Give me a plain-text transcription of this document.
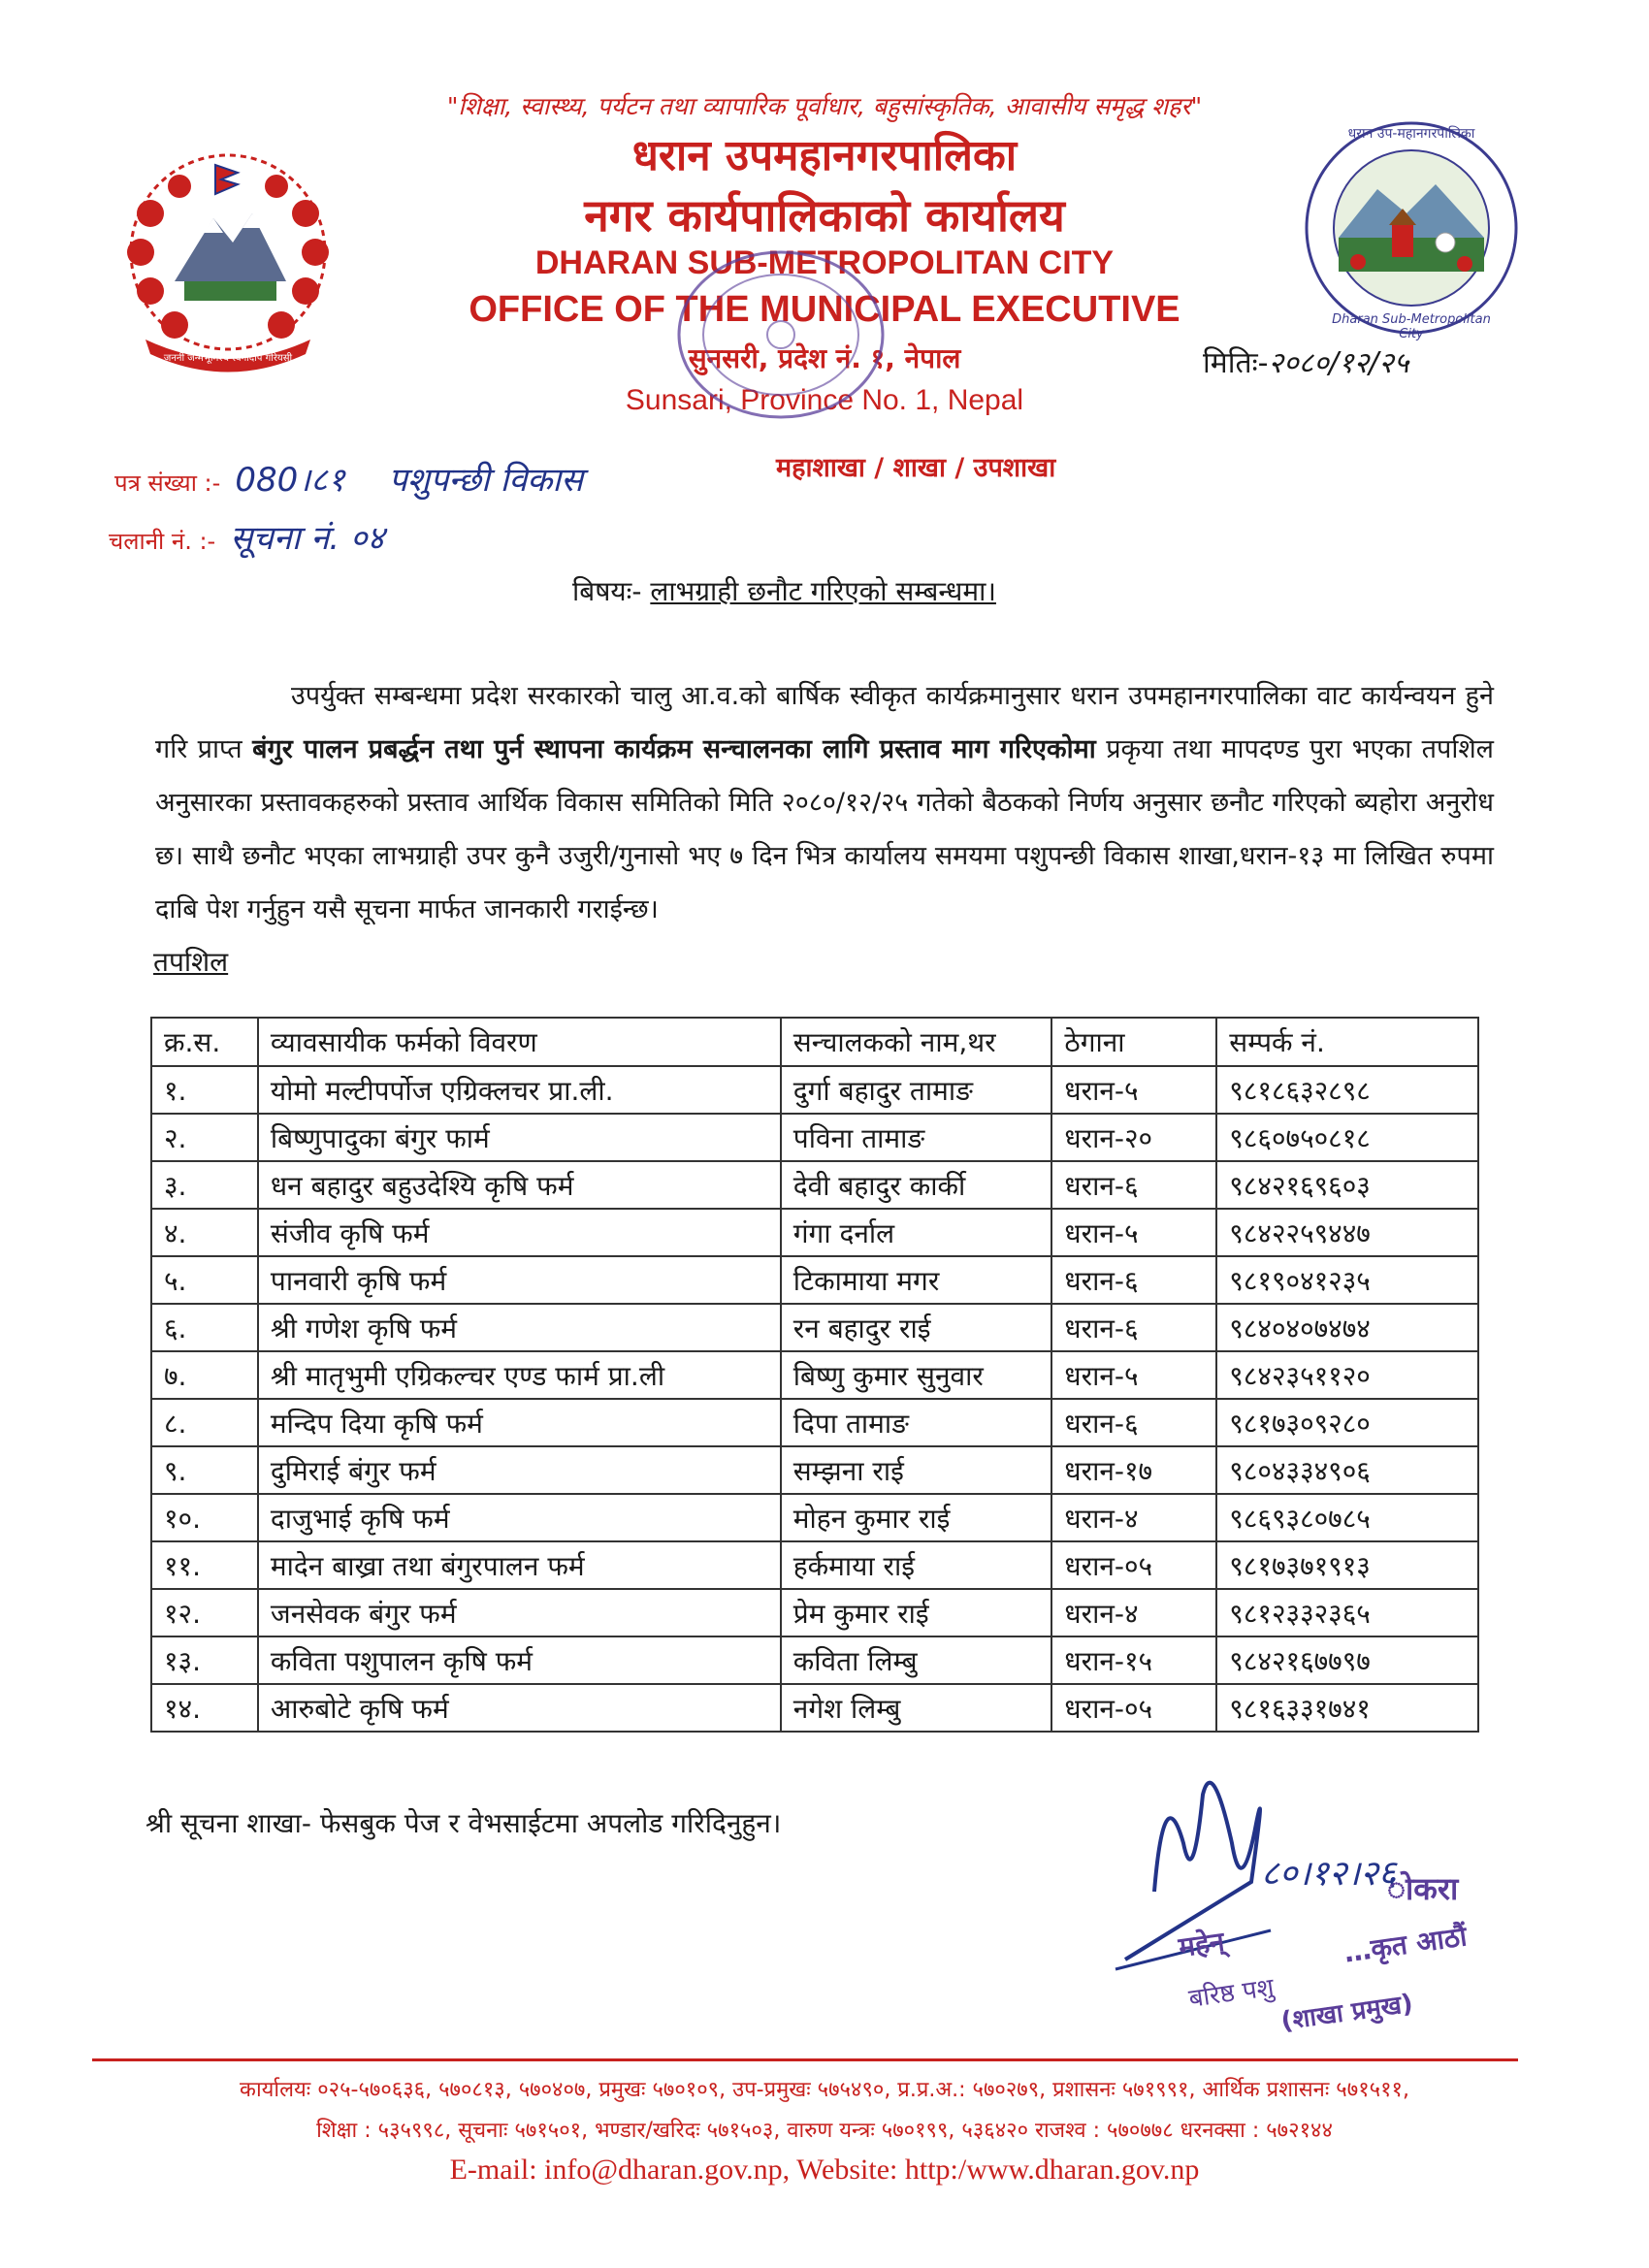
जननी जन्मभूमिश्च स्वर्गादपि गरियसी
धरान उप-महानगरपालिका
Dharan Sub-Metropolitan City
"शिक्षा, स्वास्थ्य, पर्यटन तथा व्यापारिक पूर्वाधार, बहुसांस्कृतिक, आवासीय समृद्ध शहर"
धरान उपमहानगरपालिका
नगर कार्यपालिकाको कार्यालय
DHARAN SUB-METROPOLITAN CITY
OFFICE OF THE MUNICIPAL EXECUTIVE
सुनसरी, प्रदेश नं. १, नेपाल
Sunsari, Province No. 1, Nepal
मितिः-२०८०/१२/२५
पत्र संख्या :- 080।८१ पशुपन्छी विकास	महाशाखा / शाखा / उपशाखा
चलानी नं. :- सूचना नं. ०४
बिषयः- लाभग्राही छनौट गरिएको सम्बन्धमा।
उपर्युक्त सम्बन्धमा प्रदेश सरकारको चालु आ.व.को बार्षिक स्वीकृत कार्यक्रमानुसार धरान उपमहानगरपालिका वाट कार्यन्वयन हुने गरि प्राप्त बंगुर पालन प्रबर्द्धन तथा पुर्न स्थापना कार्यक्रम सन्चालनका लागि प्रस्ताव माग गरिएकोमा प्रकृया तथा मापदण्ड पुरा भएका तपशिल अनुसारका प्रस्तावकहरुको प्रस्ताव आर्थिक विकास समितिको मिति २०८०/१२/२५ गतेको बैठकको निर्णय अनुसार छनौट गरिएको ब्यहोरा अनुरोध छ। साथै छनौट भएका लाभग्राही उपर कुनै उजुरी/गुनासो भए ७ दिन भित्र कार्यालय समयमा पशुपन्छी विकास शाखा,धरान-१३ मा लिखित रुपमा दाबि पेश गर्नुहुन यसै सूचना मार्फत जानकारी गराईन्छ।
तपशिल
क्र.स.	व्यावसायीक फर्मको विवरण	सन्चालकको नाम,थर	ठेगाना	सम्पर्क नं.
१.	योमो मल्टीपर्पोज एग्रिक्लचर प्रा.ली.	दुर्गा बहादुर तामाङ	धरान-५	९८१८६३२८९८
२.	बिष्णुपादुका बंगुर फार्म	पविना तामाङ	धरान-२०	९८६०७५०८१८
३.	धन बहादुर बहुउदेश्यि कृषि फर्म	देवी बहादुर कार्की	धरान-६	९८४२१६९६०३
४.	संजीव कृषि फर्म	गंगा दर्नाल	धरान-५	९८४२२५९४४७
५.	पानवारी कृषि फर्म	टिकामाया मगर	धरान-६	९८१९०४१२३५
६.	श्री गणेश कृषि फर्म	रन बहादुर राई	धरान-६	९८४०४०७४७४
७.	श्री मातृभुमी एग्रिकल्चर एण्ड फार्म प्रा.ली	बिष्णु कुमार सुनुवार	धरान-५	९८४२३५११२०
८.	मन्दिप दिया कृषि फर्म	दिपा तामाङ	धरान-६	९८१७३०९२८०
९.	दुमिराई बंगुर फर्म	सम्झना राई	धरान-१७	९८०४३३४९०६
१०.	दाजुभाई कृषि फर्म	मोहन कुमार राई	धरान-४	९८६९३८०७८५
११.	मादेन बाख्रा तथा बंगुरपालन फर्म	हर्कमाया राई	धरान-०५	९८१७३७१९१३
१२.	जनसेवक बंगुर फर्म	प्रेम कुमार राई	धरान-४	९८१२३३२३६५
१३.	कविता पशुपालन कृषि फर्म	कविता लिम्बु	धरान-१५	९८४२१६७७९७
१४.	आरुबोटे कृषि फर्म	नगेश लिम्बु	धरान-०५	९८१६३३१७४१
श्री सूचना शाखा- फेसबुक पेज र वेभसाईटमा अपलोड गरिदिनुहुन।
८०।१२।२६
ोकरा
महेन्	…कृत आठौं
बरिष्ठ पशु (शाखा प्रमुख)
कार्यालयः ०२५-५७०६३६, ५७०८१३, ५७०४०७, प्रमुखः ५७०१०९, उप-प्रमुखः ५७५४९०, प्र.प्र.अ.: ५७०२७९, प्रशासनः ५७१९९१, आर्थिक प्रशासनः ५७१५११,
शिक्षा : ५३५९९८, सूचनाः ५७१५०१, भण्डार/खरिदः ५७१५०३, वारुण यन्त्रः ५७०१९९, ५३६४२० राजश्व : ५७०७७८ धरनक्सा : ५७२१४४
E-mail: info@dharan.gov.np, Website: http:/www.dharan.gov.np
